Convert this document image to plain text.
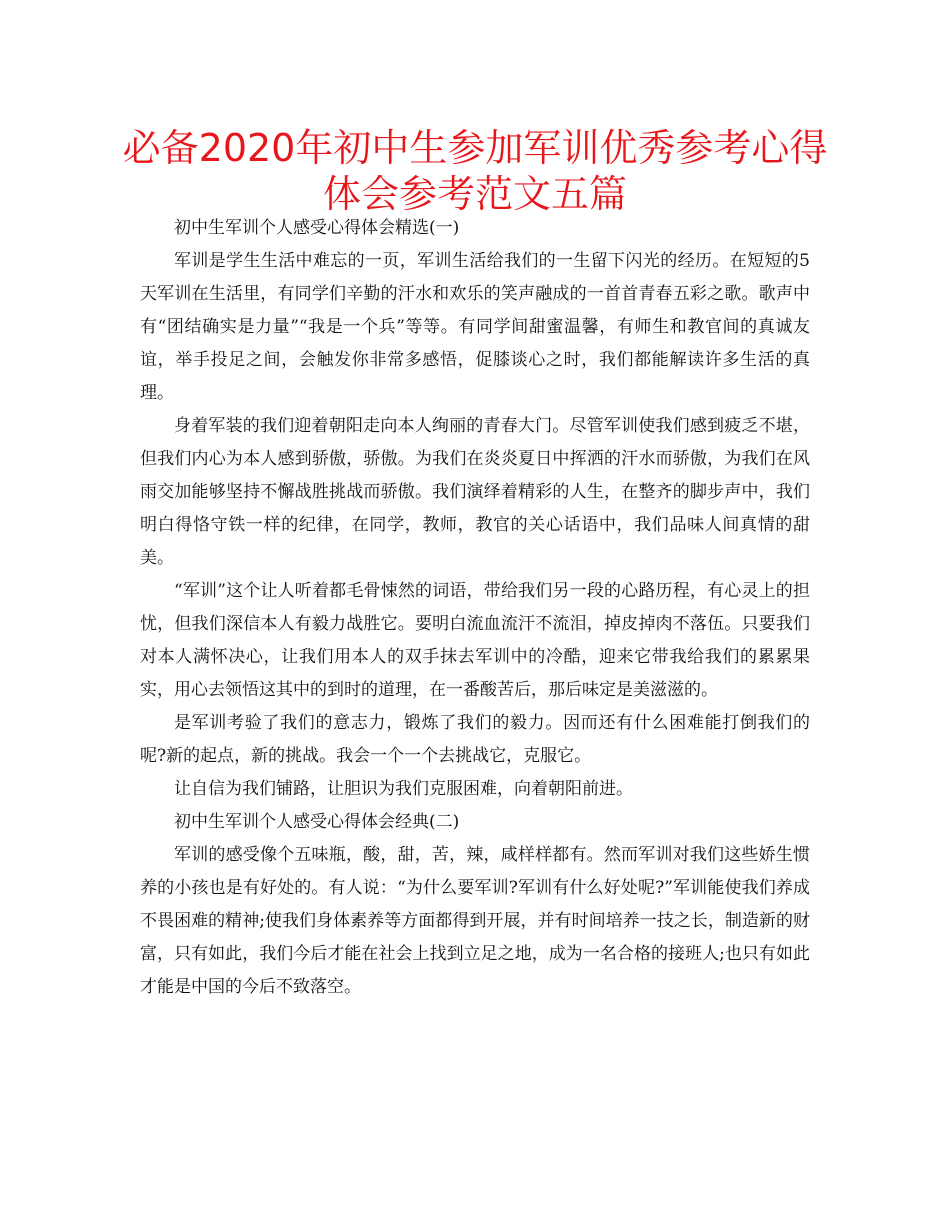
必备2020年初中生参加军训优秀参考心得
体会参考范文五篇

初中生军训个人感受心得体会精选(一)

军训是学生生活中难忘的一页，军训生活给我们的一生留下闪光的经历。在短短的5天军训在生活里，有同学们辛勤的汗水和欢乐的笑声融成的一首首青春五彩之歌。歌声中有“团结确实是力量”“我是一个兵”等等。有同学间甜蜜温馨，有师生和教官间的真诚友谊，举手投足之间，会触发你非常多感悟，促膝谈心之时，我们都能解读许多生活的真理。

身着军装的我们迎着朝阳走向本人绚丽的青春大门。尽管军训使我们感到疲乏不堪，但我们内心为本人感到骄傲，骄傲。为我们在炎炎夏日中挥洒的汗水而骄傲，为我们在风雨交加能够坚持不懈战胜挑战而骄傲。我们演绎着精彩的人生，在整齐的脚步声中，我们明白得恪守铁一样的纪律，在同学，教师，教官的关心话语中，我们品味人间真情的甜美。

“军训”这个让人听着都毛骨悚然的词语，带给我们另一段的心路历程，有心灵上的担忧，但我们深信本人有毅力战胜它。要明白流血流汗不流泪，掉皮掉肉不落伍。只要我们对本人满怀决心，让我们用本人的双手抹去军训中的冷酷，迎来它带我给我们的累累果实，用心去领悟这其中的到时的道理，在一番酸苦后，那后味定是美滋滋的。

是军训考验了我们的意志力，锻炼了我们的毅力。因而还有什么困难能打倒我们的呢?新的起点，新的挑战。我会一个一个去挑战它，克服它。

让自信为我们铺路，让胆识为我们克服困难，向着朝阳前进。

初中生军训个人感受心得体会经典(二)

军训的感受像个五味瓶，酸，甜，苦，辣，咸样样都有。然而军训对我们这些娇生惯养的小孩也是有好处的。有人说：“为什么要军训?军训有什么好处呢?”军训能使我们养成不畏困难的精神;使我们身体素养等方面都得到开展，并有时间培养一技之长，制造新的财富，只有如此，我们今后才能在社会上找到立足之地，成为一名合格的接班人;也只有如此才能是中国的今后不致落空。
